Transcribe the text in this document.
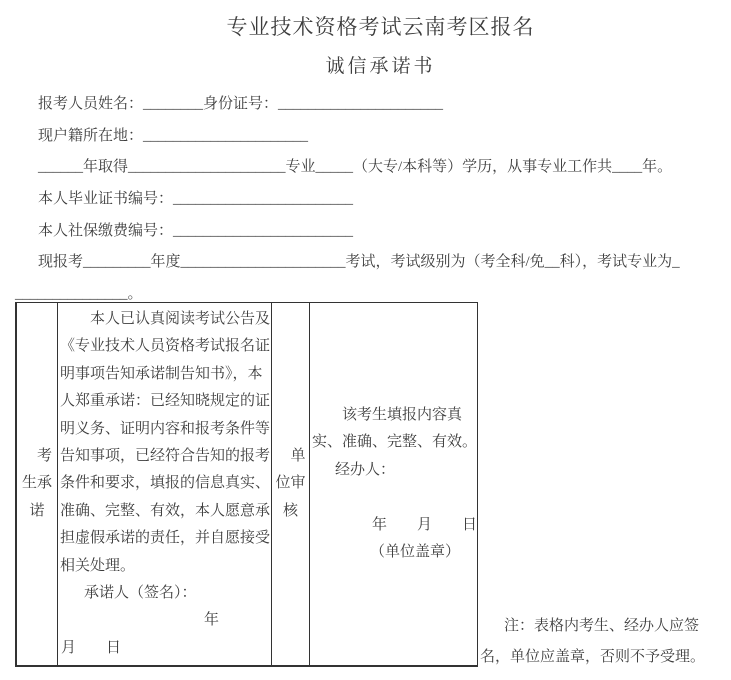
专业技术资格考试云南考区报名
诚信承诺书
报考人员姓名：________身份证号：______________________
现户籍所在地：______________________
______年取得_____________________专业_____（大专/本科等）学历，从事专业工作共____年。
本人毕业证书编号：________________________
本人社保缴费编号：________________________
现报考_________年度______________________考试，考试级别为（考全科/免__科），考试专业为_
_______________。
考生承诺
本人已认真阅读考试公告及《专业技术人员资格考试报名证明事项告知承诺制告知书》，本人郑重承诺：已经知晓规定的证明义务、证明内容和报考条件等告知事项，已经符合告知的报考条件和要求，填报的信息真实、准确、完整、有效，本人愿意承担虚假承诺的责任，并自愿接受相关处理。
承诺人（签名）：
年
月　　日
单位审核
该考生填报内容真实、准确、完整、有效。
经办人：
年　　月　　日
（单位盖章）
注：表格内考生、经办人应签名，单位应盖章，否则不予受理。
